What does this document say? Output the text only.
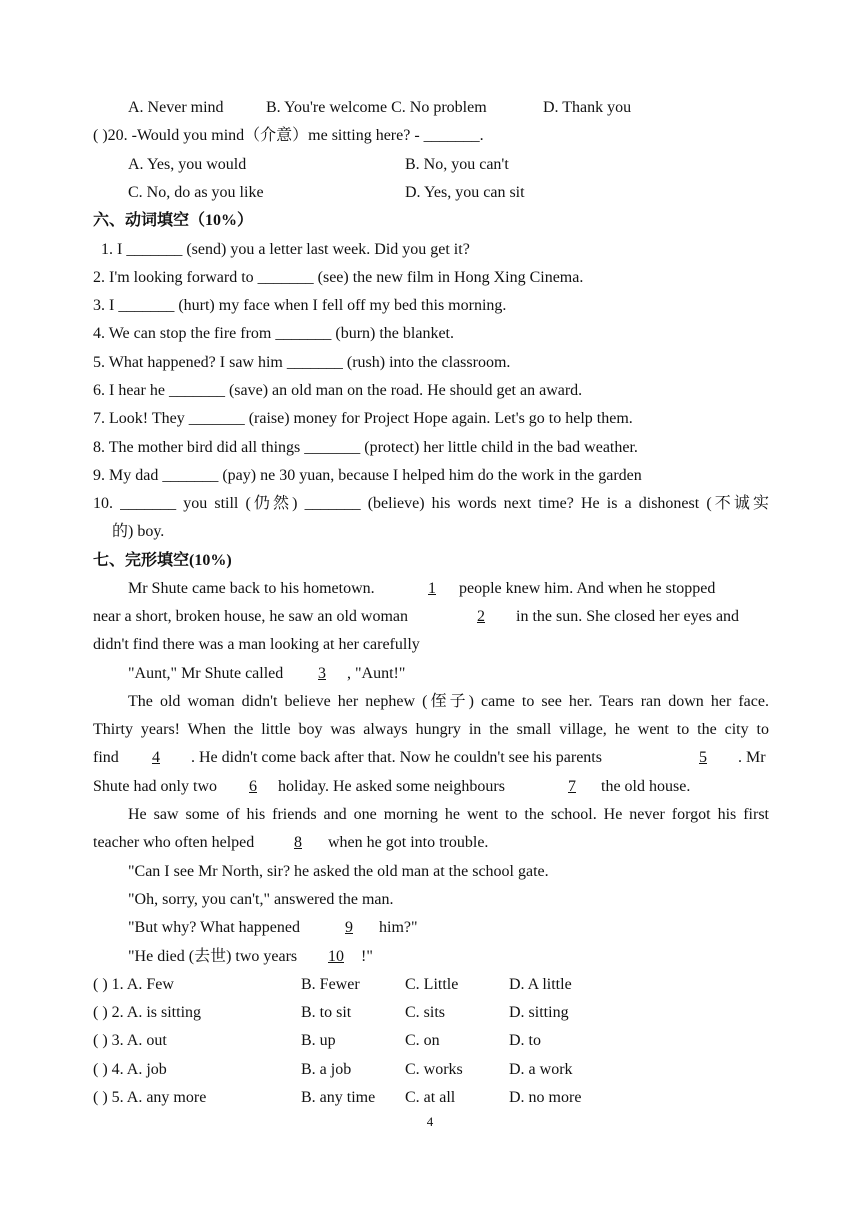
A. Never mind	B. You're welcome C. No problem	D. Thank you
( )20. -Would you mind（介意）me sitting here? - _______.
A. Yes, you would	B. No, you can't
C. No, do as you like	D. Yes, you can sit
六、动词填空（10%）
1. I _______ (send) you a letter last week. Did you get it?
2. I'm looking forward to _______ (see) the new film in Hong Xing Cinema.
3. I _______ (hurt) my face when I fell off my bed this morning.
4. We can stop the fire from _______ (burn) the blanket.
5. What happened? I saw him _______ (rush) into the classroom.
6. I hear he _______ (save) an old man on the road. He should get an award.
7. Look! They _______ (raise) money for Project Hope again. Let's go to help them.
8. The mother bird did all things _______ (protect) her little child in the bad weather.
9. My dad _______ (pay) ne 30 yuan, because I helped him do the work in the garden
10. _______ you still (仍然) _______ (believe) his words next time? He is a dishonest (不诚实
的) boy.
七、完形填空(10%)
Mr Shute came back to his hometown.	1	people knew him. And when he stopped
near a short, broken house, he saw an old woman	2	in the sun. She closed her eyes and
didn't find there was a man looking at her carefully
"Aunt," Mr Shute called	3	, "Aunt!"
The old woman didn't believe her nephew (侄子) came to see her. Tears ran down her face.
Thirty years! When the little boy was always hungry in the small village, he went to the city to
find	4	. He didn't come back after that. Now he couldn't see his parents	5	. Mr
Shute had only two	6	holiday. He asked some neighbours	7	the old house.
He saw some of his friends and one morning he went to the school. He never forgot his first
teacher who often helped	8	when he got into trouble.
"Can I see Mr North, sir? he asked the old man at the school gate.
"Oh, sorry, you can't," answered the man.
"But why? What happened	9	him?"
"He died (去世) two years	10	!"
( ) 1. A. Few	B. Fewer	C. Little	D. A little
( ) 2. A. is sitting	B. to sit	C. sits	D. sitting
( ) 3. A. out	B. up	C. on	D. to
( ) 4. A. job	B. a job	C. works	D. a work
( ) 5. A. any more	B. any time C. at all	D. no more
4
